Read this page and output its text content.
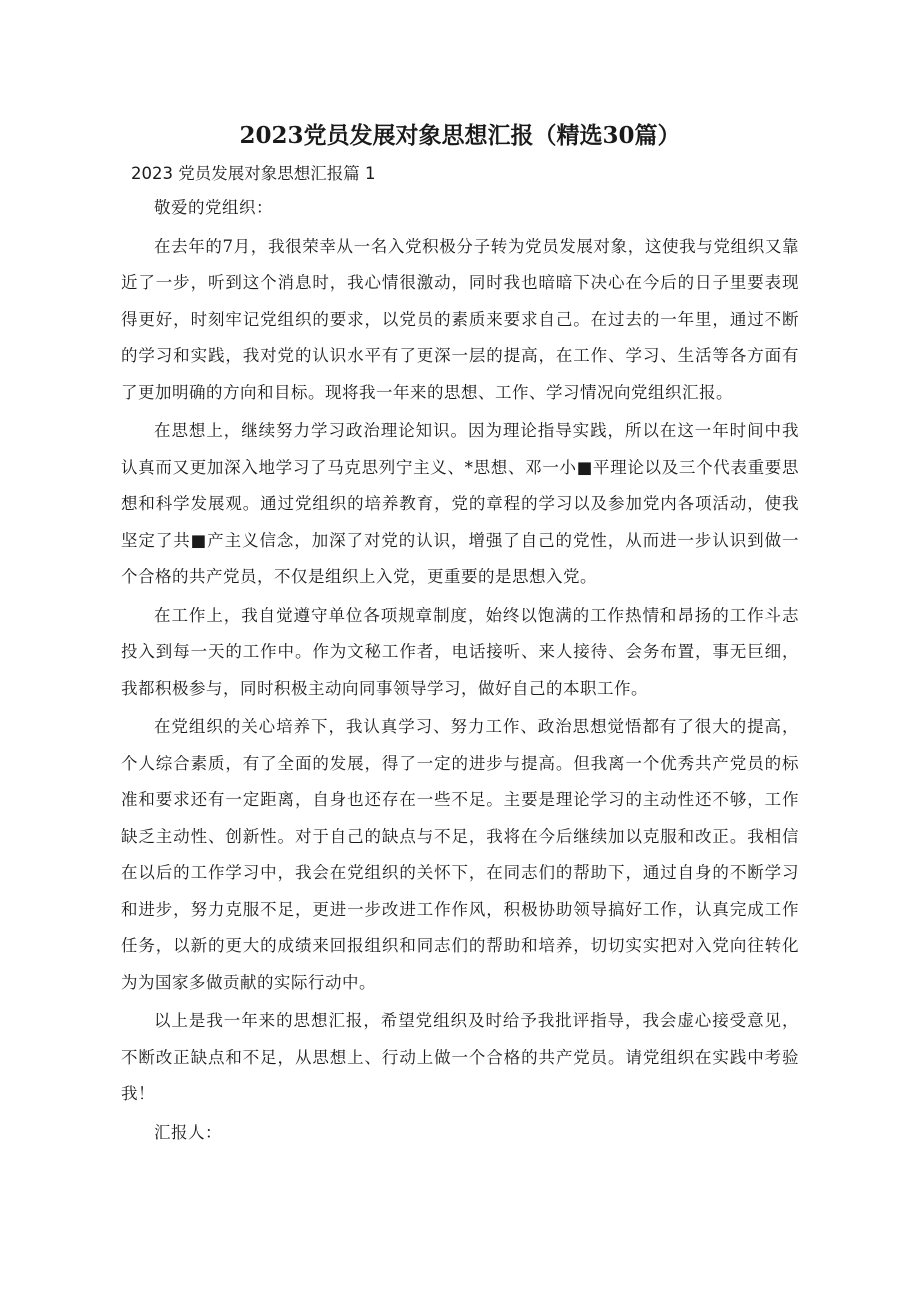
2023党员发展对象思想汇报（精选30篇）
2023 党员发展对象思想汇报篇 1

敬爱的党组织：

在去年的7月，我很荣幸从一名入党积极分子转为党员发展对象，这使我与党组织又靠近了一步，听到这个消息时，我心情很激动，同时我也暗暗下决心在今后的日子里要表现得更好，时刻牢记党组织的要求，以党员的素质来要求自己。在过去的一年里，通过不断的学习和实践，我对党的认识水平有了更深一层的提高，在工作、学习、生活等各方面有了更加明确的方向和目标。现将我一年来的思想、工作、学习情况向党组织汇报。

在思想上，继续努力学习政治理论知识。因为理论指导实践，所以在这一年时间中我认真而又更加深入地学习了马克思列宁主义、*思想、邓一小■平理论以及三个代表重要思想和科学发展观。通过党组织的培养教育，党的章程的学习以及参加党内各项活动，使我坚定了共■产主义信念，加深了对党的认识，增强了自己的党性，从而进一步认识到做一个合格的共产党员，不仅是组织上入党，更重要的是思想入党。

在工作上，我自觉遵守单位各项规章制度，始终以饱满的工作热情和昂扬的工作斗志投入到每一天的工作中。作为文秘工作者，电话接听、来人接待、会务布置，事无巨细，我都积极参与，同时积极主动向同事领导学习，做好自己的本职工作。

在党组织的关心培养下，我认真学习、努力工作、政治思想觉悟都有了很大的提高，个人综合素质，有了全面的发展，得了一定的进步与提高。但我离一个优秀共产党员的标准和要求还有一定距离，自身也还存在一些不足。主要是理论学习的主动性还不够，工作缺乏主动性、创新性。对于自己的缺点与不足，我将在今后继续加以克服和改正。我相信在以后的工作学习中，我会在党组织的关怀下，在同志们的帮助下，通过自身的不断学习和进步，努力克服不足，更进一步改进工作作风，积极协助领导搞好工作，认真完成工作任务，以新的更大的成绩来回报组织和同志们的帮助和培养，切切实实把对入党向往转化为为国家多做贡献的实际行动中。

以上是我一年来的思想汇报，希望党组织及时给予我批评指导，我会虚心接受意见，不断改正缺点和不足，从思想上、行动上做一个合格的共产党员。请党组织在实践中考验我！

汇报人：
